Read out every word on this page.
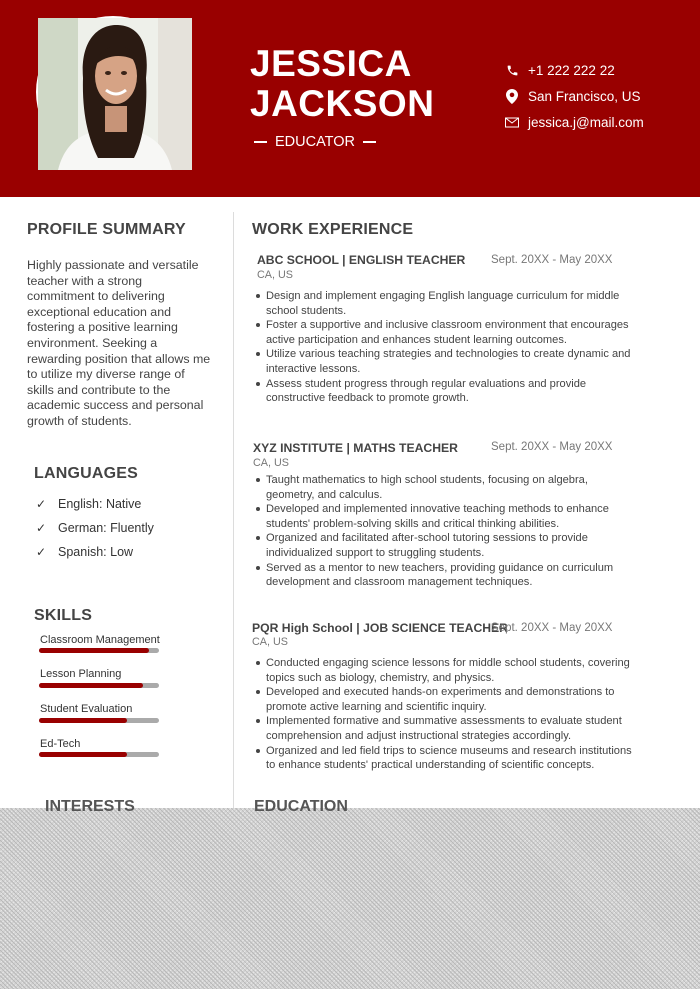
JESSICA
JACKSON
EDUCATOR
+1 222 222 22
San Francisco, US
jessica.j@mail.com
PROFILE SUMMARY
Highly passionate and versatile teacher with a strong commitment to delivering exceptional education and fostering a positive learning environment. Seeking a rewarding position that allows me to utilize my diverse range of skills and contribute to the academic success and personal growth of students.
LANGUAGES
✓ English: Native
✓ German: Fluently
✓ Spanish: Low
SKILLS
Classroom Management
Lesson Planning
Student Evaluation
Ed-Tech
WORK EXPERIENCE
ABC SCHOOL | ENGLISH TEACHER Sept. 20XX - May 20XX
CA, US
Design and implement engaging English language curriculum for middle school students.
Foster a supportive and inclusive classroom environment that encourages active participation and enhances student learning outcomes.
Utilize various teaching strategies and technologies to create dynamic and interactive lessons.
Assess student progress through regular evaluations and provide constructive feedback to promote growth.
XYZ INSTITUTE | MATHS TEACHER	Sept. 20XX - May 20XX
CA, US
Taught mathematics to high school students, focusing on algebra, geometry, and calculus.
Developed and implemented innovative teaching methods to enhance students' problem-solving skills and critical thinking abilities.
Organized and facilitated after-school tutoring sessions to provide individualized support to struggling students.
Served as a mentor to new teachers, providing guidance on curriculum development and classroom management techniques.
PQR High School | JOB SCIENCE TEACHER
Sept. 20XX - May 20XX
CA, US
Conducted engaging science lessons for middle school students, covering topics such as biology, chemistry, and physics.
Developed and executed hands-on experiments and demonstrations to promote active learning and scientific inquiry.
Implemented formative and summative assessments to evaluate student comprehension and adjust instructional strategies accordingly.
Organized and led field trips to science museums and research institutions to enhance students' practical understanding of scientific concepts.
INTERESTS	EDUCATION
